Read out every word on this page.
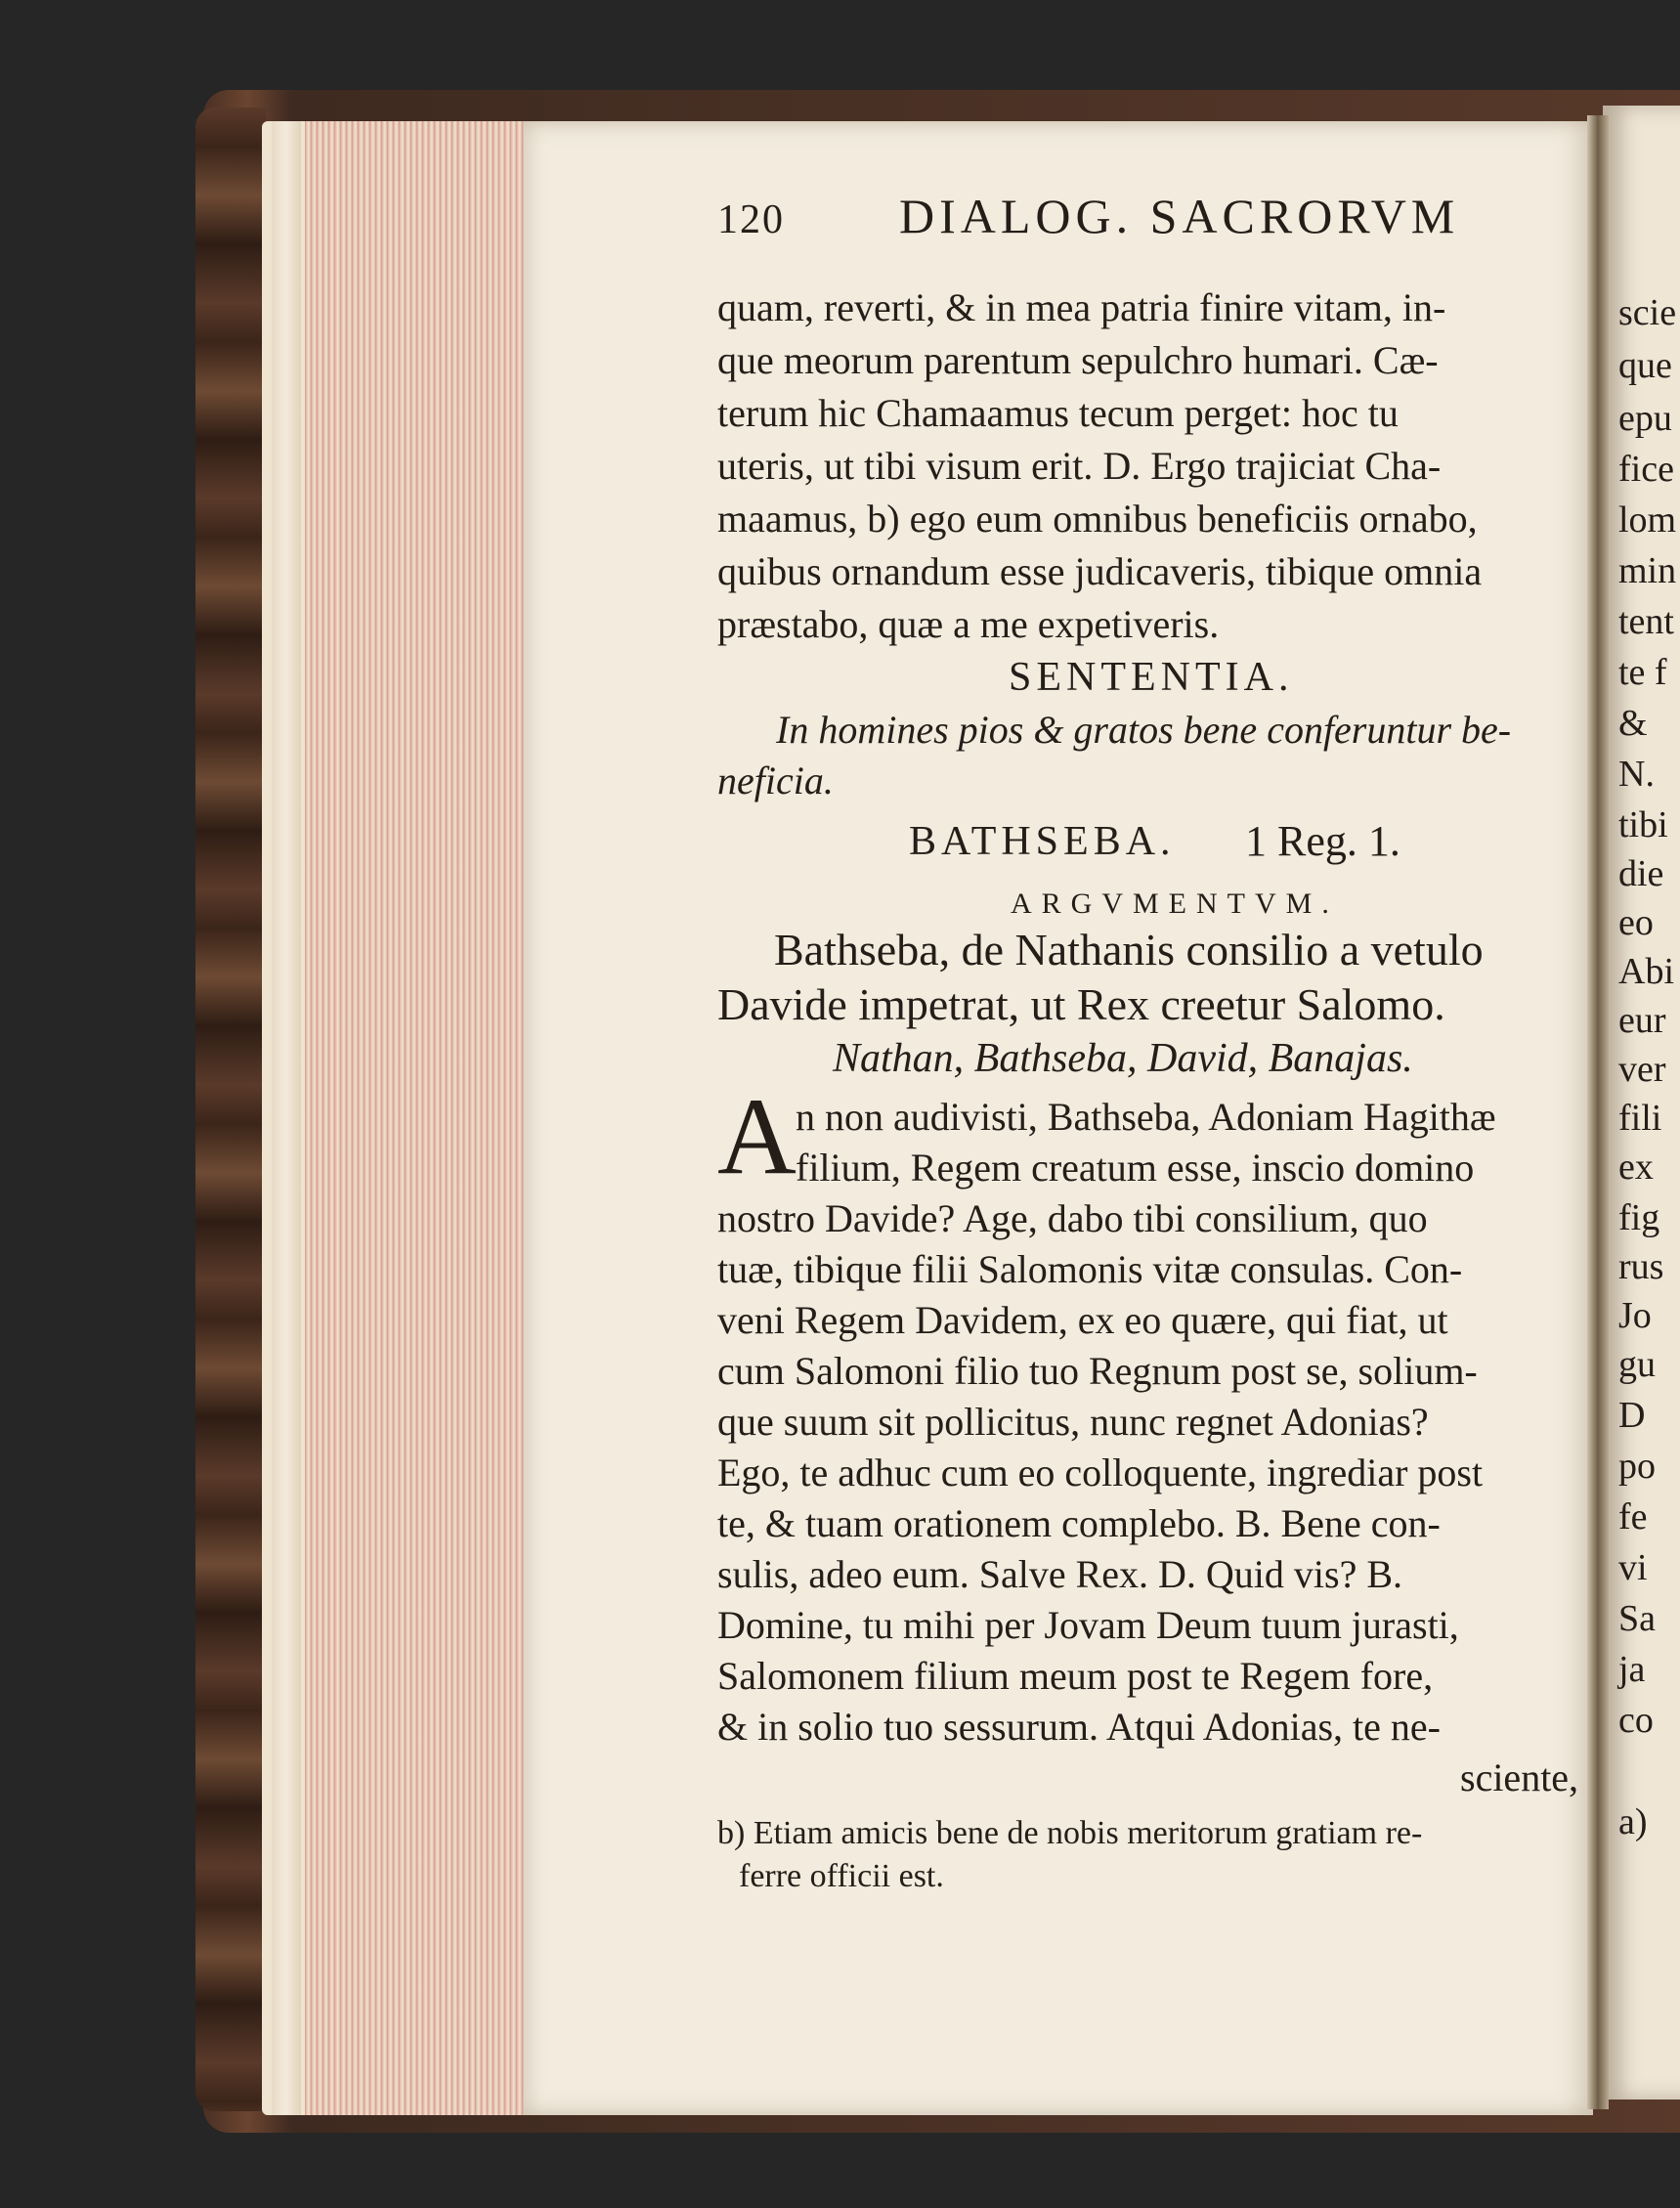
120 DIALOG. SACRORVM
quam, reverti, & in mea patria finire vitam, in-
que meorum parentum sepulchro humari. Cæ-
terum hic Chamaamus tecum perget: hoc tu
uteris, ut tibi visum erit. D. Ergo trajiciat Cha-
maamus, b) ego eum omnibus beneficiis ornabo,
quibus ornandum esse judicaveris, tibique omnia
præstabo, quæ a me expetiveris.
SENTENTIA.
In homines pios & gratos bene conferuntur be-
neficia.
BATHSEBA. 1 Reg. 1.
ARGVMENTVM.
Bathseba, de Nathanis consilio a vetulo
Davide impetrat, ut Rex creetur Salomo.
Nathan, Bathseba, David, Banajas.
A n non audivisti, Bathseba, Adoniam Hagithæ
filium, Regem creatum esse, inscio domino
nostro Davide? Age, dabo tibi consilium, quo
tuæ, tibique filii Salomonis vitæ consulas. Con-
veni Regem Davidem, ex eo quære, qui fiat, ut
cum Salomoni filio tuo Regnum post se, solium-
que suum sit pollicitus, nunc regnet Adonias?
Ego, te adhuc cum eo colloquente, ingrediar post
te, & tuam orationem complebo. B. Bene con-
sulis, adeo eum. Salve Rex. D. Quid vis? B.
Domine, tu mihi per Jovam Deum tuum jurasti,
Salomonem filium meum post te Regem fore,
& in solio tuo sessurum. Atqui Adonias, te ne-
sciente,
b) Etiam amicis bene de nobis meritorum gratiam re-
ferre officii est.
scie
que
epu
fice
lom
min
tent
te f
&
N.
tibi
die
eo
Abi
eur
ver
fili
ex
fig
rus
Jo
gu
D
po
fe
vi
Sa
ja
co
a)
